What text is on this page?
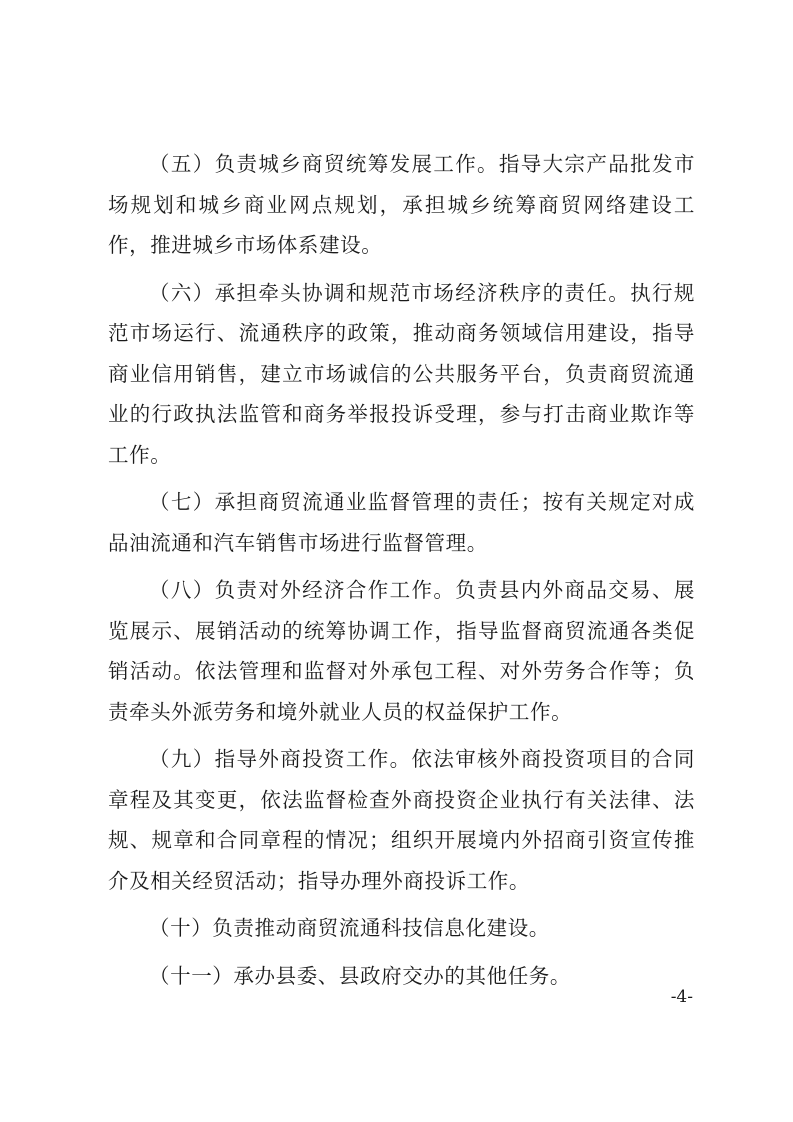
（五）负责城乡商贸统筹发展工作。指导大宗产品批发市场规划和城乡商业网点规划，承担城乡统筹商贸网络建设工作，推进城乡市场体系建设。

（六）承担牵头协调和规范市场经济秩序的责任。执行规范市场运行、流通秩序的政策，推动商务领域信用建设，指导商业信用销售，建立市场诚信的公共服务平台，负责商贸流通业的行政执法监管和商务举报投诉受理，参与打击商业欺诈等工作。

（七）承担商贸流通业监督管理的责任；按有关规定对成品油流通和汽车销售市场进行监督管理。

（八）负责对外经济合作工作。负责县内外商品交易、展览展示、展销活动的统筹协调工作，指导监督商贸流通各类促销活动。依法管理和监督对外承包工程、对外劳务合作等；负责牵头外派劳务和境外就业人员的权益保护工作。

（九）指导外商投资工作。依法审核外商投资项目的合同章程及其变更，依法监督检查外商投资企业执行有关法律、法规、规章和合同章程的情况；组织开展境内外招商引资宣传推介及相关经贸活动；指导办理外商投诉工作。

（十）负责推动商贸流通科技信息化建设。

（十一）承办县委、县政府交办的其他任务。

-4-
